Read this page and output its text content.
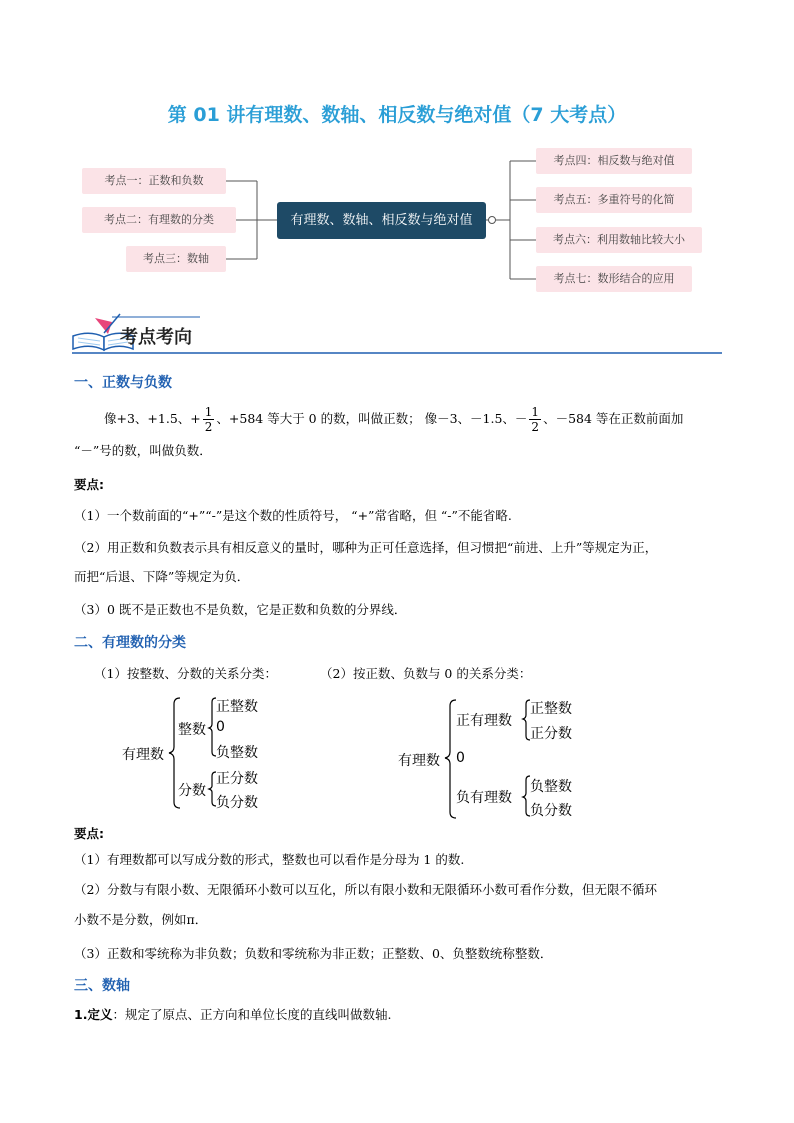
第 01 讲有理数、数轴、相反数与绝对值（7 大考点）
考点一：正数和负数
考点二：有理数的分类
考点三：数轴
有理数、数轴、相反数与绝对值
考点四：相反数与绝对值
考点五：多重符号的化简
考点六：利用数轴比较大小
考点七：数形结合的应用
考点考向
一、正数与负数
像+3、+1.5、+ $\frac{1}{2}$ 、+584 等大于 0 的数，叫做正数； 像－3、－1.5、－ $\frac{1}{2}$ 、－584 等在正数前面加
“－”号的数，叫做负数．
要点:
（1）一个数前面的“+”“-”是这个数的性质符号， “+”常省略，但 “-”不能省略.
（2）用正数和负数表示具有相反意义的量时，哪种为正可任意选择，但习惯把“前进、上升”等规定为正，
而把“后退、下降”等规定为负．
（3）0 既不是正数也不是负数，它是正数和负数的分界线．
二、有理数的分类
（1）按整数、分数的关系分类：	（2）按正数、负数与 0 的关系分类：
有理数
整数
正整数
0
负整数
分数
正分数
负分数
有理数
正有理数
正整数
正分数
0
负有理数
负整数
负分数
要点:
（1）有理数都可以写成分数的形式，整数也可以看作是分母为 1 的数.
（2）分数与有限小数、无限循环小数可以互化，所以有限小数和无限循环小数可看作分数，但无限不循环
小数不是分数，例如π．
（3）正数和零统称为非负数；负数和零统称为非正数；正整数、0、负整数统称整数．
三、数轴
1.定义：规定了原点、正方向和单位长度的直线叫做数轴.
